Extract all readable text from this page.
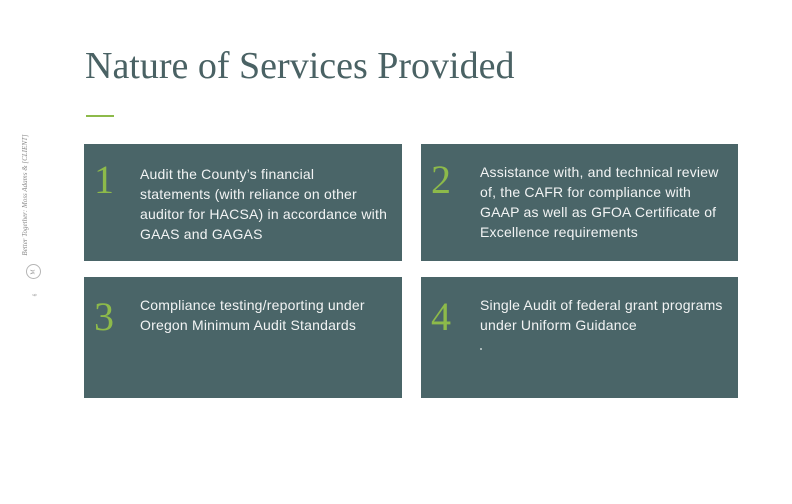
Better Together: Moss Adams & [CLIENT]
M
6
Nature of Services Provided
1 Audit the County’s financial statements (with reliance on other auditor for HACSA) in accordance with GAAS and GAGAS
2 Assistance with, and technical review of, the CAFR for compliance with GAAP as well as GFOA Certificate of Excellence requirements
3 Compliance testing/reporting under Oregon Minimum Audit Standards	4 Single Audit of federal grant programs under Uniform Guidance
